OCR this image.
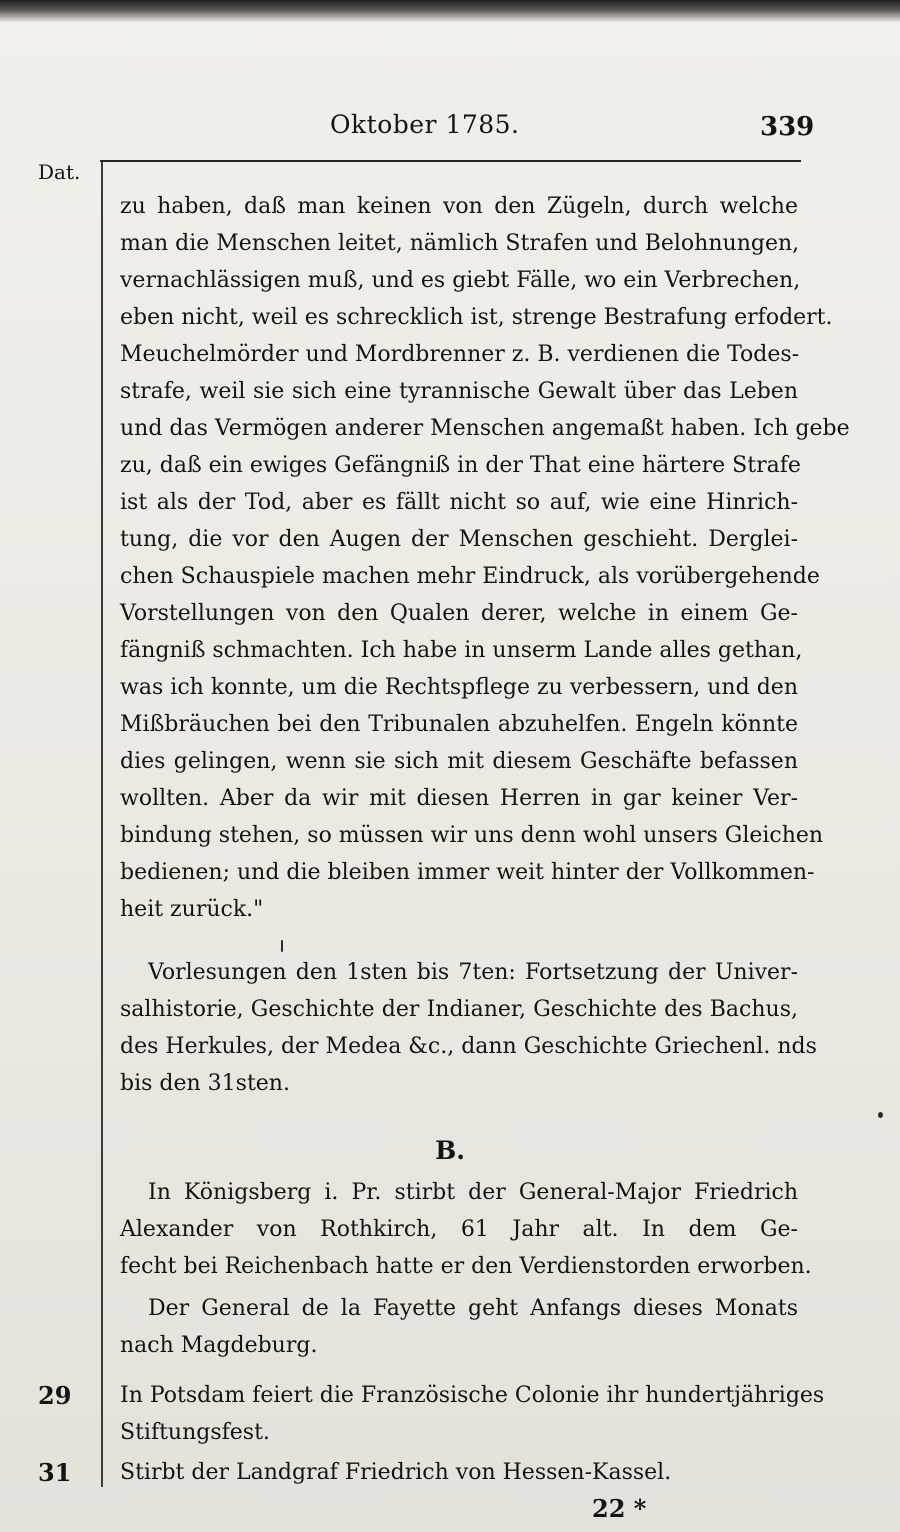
Oktober 1785.	339
Dat.
zu haben, daß man keinen von den Zügeln, durch welche
man die Menschen leitet, nämlich Strafen und Belohnungen,
vernachlässigen muß, und es giebt Fälle, wo ein Verbrechen,
eben nicht, weil es schrecklich ist, strenge Bestrafung erfodert.
Meuchelmörder und Mordbrenner z. B. verdienen die Todes-
strafe, weil sie sich eine tyrannische Gewalt über das Leben
und das Vermögen anderer Menschen angemaßt haben. Ich gebe
zu, daß ein ewiges Gefängniß in der That eine härtere Strafe
ist als der Tod, aber es fällt nicht so auf, wie eine Hinrich-
tung, die vor den Augen der Menschen geschieht. Derglei-
chen Schauspiele machen mehr Eindruck, als vorübergehende
Vorstellungen von den Qualen derer, welche in einem Ge-
fängniß schmachten. Ich habe in unserm Lande alles gethan,
was ich konnte, um die Rechtspflege zu verbessern, und den
Mißbräuchen bei den Tribunalen abzuhelfen. Engeln könnte
dies gelingen, wenn sie sich mit diesem Geschäfte befassen
wollten. Aber da wir mit diesen Herren in gar keiner Ver-
bindung stehen, so müssen wir uns denn wohl unsers Gleichen
bedienen; und die bleiben immer weit hinter der Vollkommen-
heit zurück."
Vorlesungen den 1sten bis 7ten: Fortsetzung der Univer-
salhistorie, Geschichte der Indianer, Geschichte des Bachus,
des Herkules, der Medea &c., dann Geschichte Griechenl. nds
bis den 31sten.
B.
In Königsberg i. Pr. stirbt der General-Major Friedrich
Alexander von Rothkirch, 61 Jahr alt. In dem Ge-
fecht bei Reichenbach hatte er den Verdienstorden erworben.
Der General de la Fayette geht Anfangs dieses Monats
nach Magdeburg.
29 In Potsdam feiert die Französische Colonie ihr hundertjähriges
Stiftungsfest.
31 Stirbt der Landgraf Friedrich von Hessen-Kassel.
22 *
